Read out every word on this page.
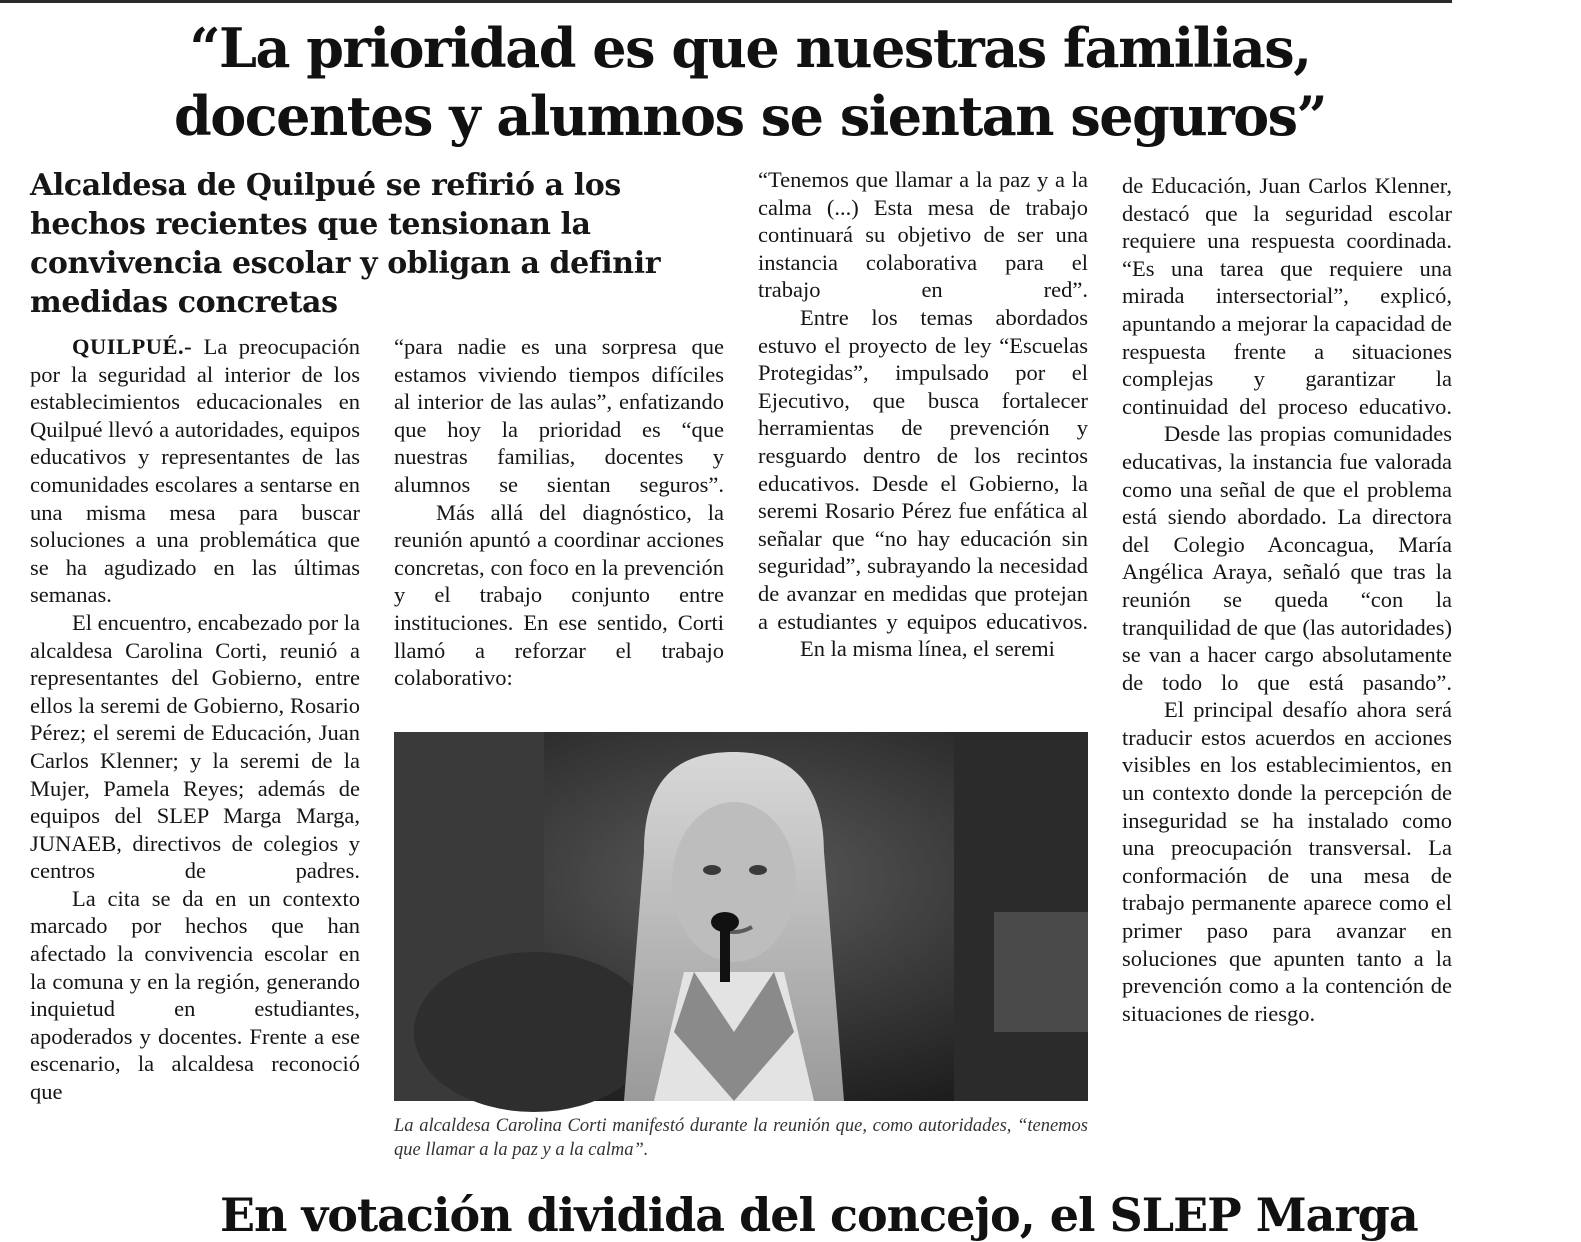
“La prioridad es que nuestras familias,
docentes y alumnos se sientan seguros”
Alcaldesa de Quilpué se refirió a los
hechos recientes que tensionan la
convivencia escolar y obligan a definir
medidas concretas

QUILPUÉ.- La preocupación por la seguridad al interior de los establecimientos educacionales en Quilpué llevó a autoridades, equipos educativos y representantes de las comunidades escolares a sentarse en una misma mesa para buscar soluciones a una problemática que se ha agudizado en las últimas semanas.

El encuentro, encabezado por la alcaldesa Carolina Corti, reunió a representantes del Gobierno, entre ellos la seremi de Gobierno, Rosario Pérez; el seremi de Educación, Juan Carlos Klenner; y la seremi de la Mujer, Pamela Reyes; además de equipos del SLEP Marga Marga, JUNAEB, directivos de colegios y centros de padres.

La cita se da en un contexto marcado por hechos que han afectado la convivencia escolar en la comuna y en la región, generando inquietud en estudiantes, apoderados y docentes. Frente a ese escenario, la alcaldesa reconoció que

“para nadie es una sorpresa que estamos viviendo tiempos difíciles al interior de las aulas”, enfatizando que hoy la prioridad es “que nuestras familias, docentes y alumnos se sientan seguros”.

Más allá del diagnóstico, la reunión apuntó a coordinar acciones concretas, con foco en la prevención y el trabajo conjunto entre instituciones. En ese sentido, Corti llamó a reforzar el trabajo colaborativo:

“Tenemos que llamar a la paz y a la calma (...) Esta mesa de trabajo continuará su objetivo de ser una instancia colaborativa para el trabajo en red”.

Entre los temas abordados estuvo el proyecto de ley “Escuelas Protegidas”, impulsado por el Ejecutivo, que busca fortalecer herramientas de prevención y resguardo dentro de los recintos educativos. Desde el Gobierno, la seremi Rosario Pérez fue enfática al señalar que “no hay educación sin seguridad”, subrayando la necesidad de avanzar en medidas que protejan a estudiantes y equipos educativos.

En la misma línea, el seremi

de Educación, Juan Carlos Klenner, destacó que la seguridad escolar requiere una respuesta coordinada. “Es una tarea que requiere una mirada intersectorial”, explicó, apuntando a mejorar la capacidad de respuesta frente a situaciones complejas y garantizar la continuidad del proceso educativo.

Desde las propias comunidades educativas, la instancia fue valorada como una señal de que el problema está siendo abordado. La directora del Colegio Aconcagua, María Angélica Araya, señaló que tras la reunión se queda “con la tranquilidad de que (las autoridades) se van a hacer cargo absolutamente de todo lo que está pasando”.

El principal desafío ahora será traducir estos acuerdos en acciones visibles en los establecimientos, en un contexto donde la percepción de inseguridad se ha instalado como una preocupación transversal. La conformación de una mesa de trabajo permanente aparece como el primer paso para avanzar en soluciones que apunten tanto a la prevención como a la contención de situaciones de riesgo.

La alcaldesa Carolina Corti manifestó durante la reunión que, como autoridades, “tenemos que llamar a la paz y a la calma”.
En votación dividida del concejo, el SLEP Marga
